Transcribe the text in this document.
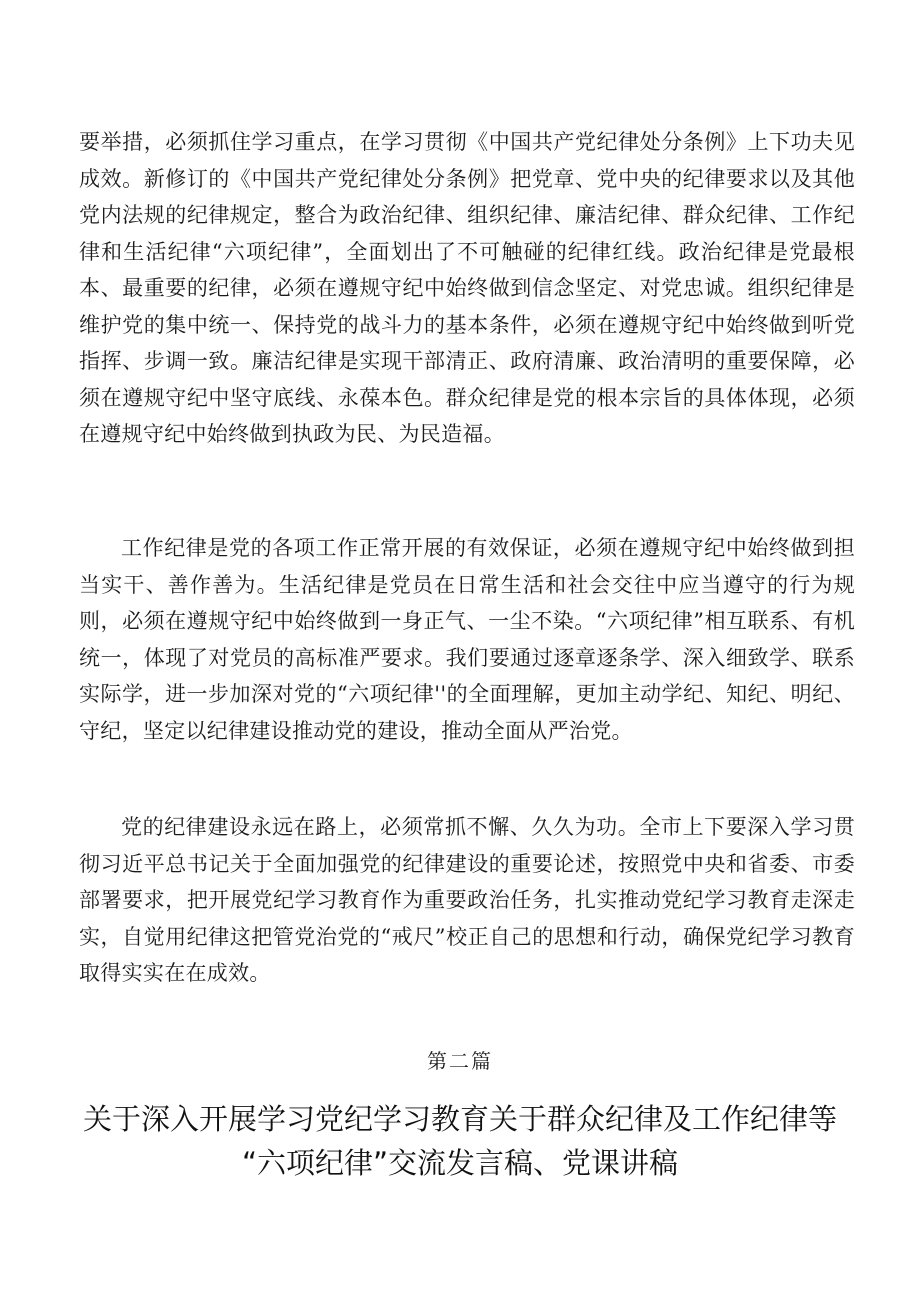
要举措，必须抓住学习重点，在学习贯彻《中国共产党纪律处分条例》上下功夫见成效。新修订的《中国共产党纪律处分条例》把党章、党中央的纪律要求以及其他党内法规的纪律规定，整合为政治纪律、组织纪律、廉洁纪律、群众纪律、工作纪律和生活纪律“六项纪律”，全面划出了不可触碰的纪律红线。政治纪律是党最根本、最重要的纪律，必须在遵规守纪中始终做到信念坚定、对党忠诚。组织纪律是维护党的集中统一、保持党的战斗力的基本条件，必须在遵规守纪中始终做到听党指挥、步调一致。廉洁纪律是实现干部清正、政府清廉、政治清明的重要保障，必须在遵规守纪中坚守底线、永葆本色。群众纪律是党的根本宗旨的具体体现，必须在遵规守纪中始终做到执政为民、为民造福。

工作纪律是党的各项工作正常开展的有效保证，必须在遵规守纪中始终做到担当实干、善作善为。生活纪律是党员在日常生活和社会交往中应当遵守的行为规则，必须在遵规守纪中始终做到一身正气、一尘不染。“六项纪律”相互联系、有机统一，体现了对党员的高标准严要求。我们要通过逐章逐条学、深入细致学、联系实际学，进一步加深对党的“六项纪律''的全面理解，更加主动学纪、知纪、明纪、守纪，坚定以纪律建设推动党的建设，推动全面从严治党。

党的纪律建设永远在路上，必须常抓不懈、久久为功。全市上下要深入学习贯彻习近平总书记关于全面加强党的纪律建设的重要论述，按照党中央和省委、市委部署要求，把开展党纪学习教育作为重要政治任务，扎实推动党纪学习教育走深走实，自觉用纪律这把管党治党的“戒尺”校正自己的思想和行动，确保党纪学习教育取得实实在在成效。

第二篇
关于深入开展学习党纪学习教育关于群众纪律及工作纪律等
“六项纪律”交流发言稿、党课讲稿
